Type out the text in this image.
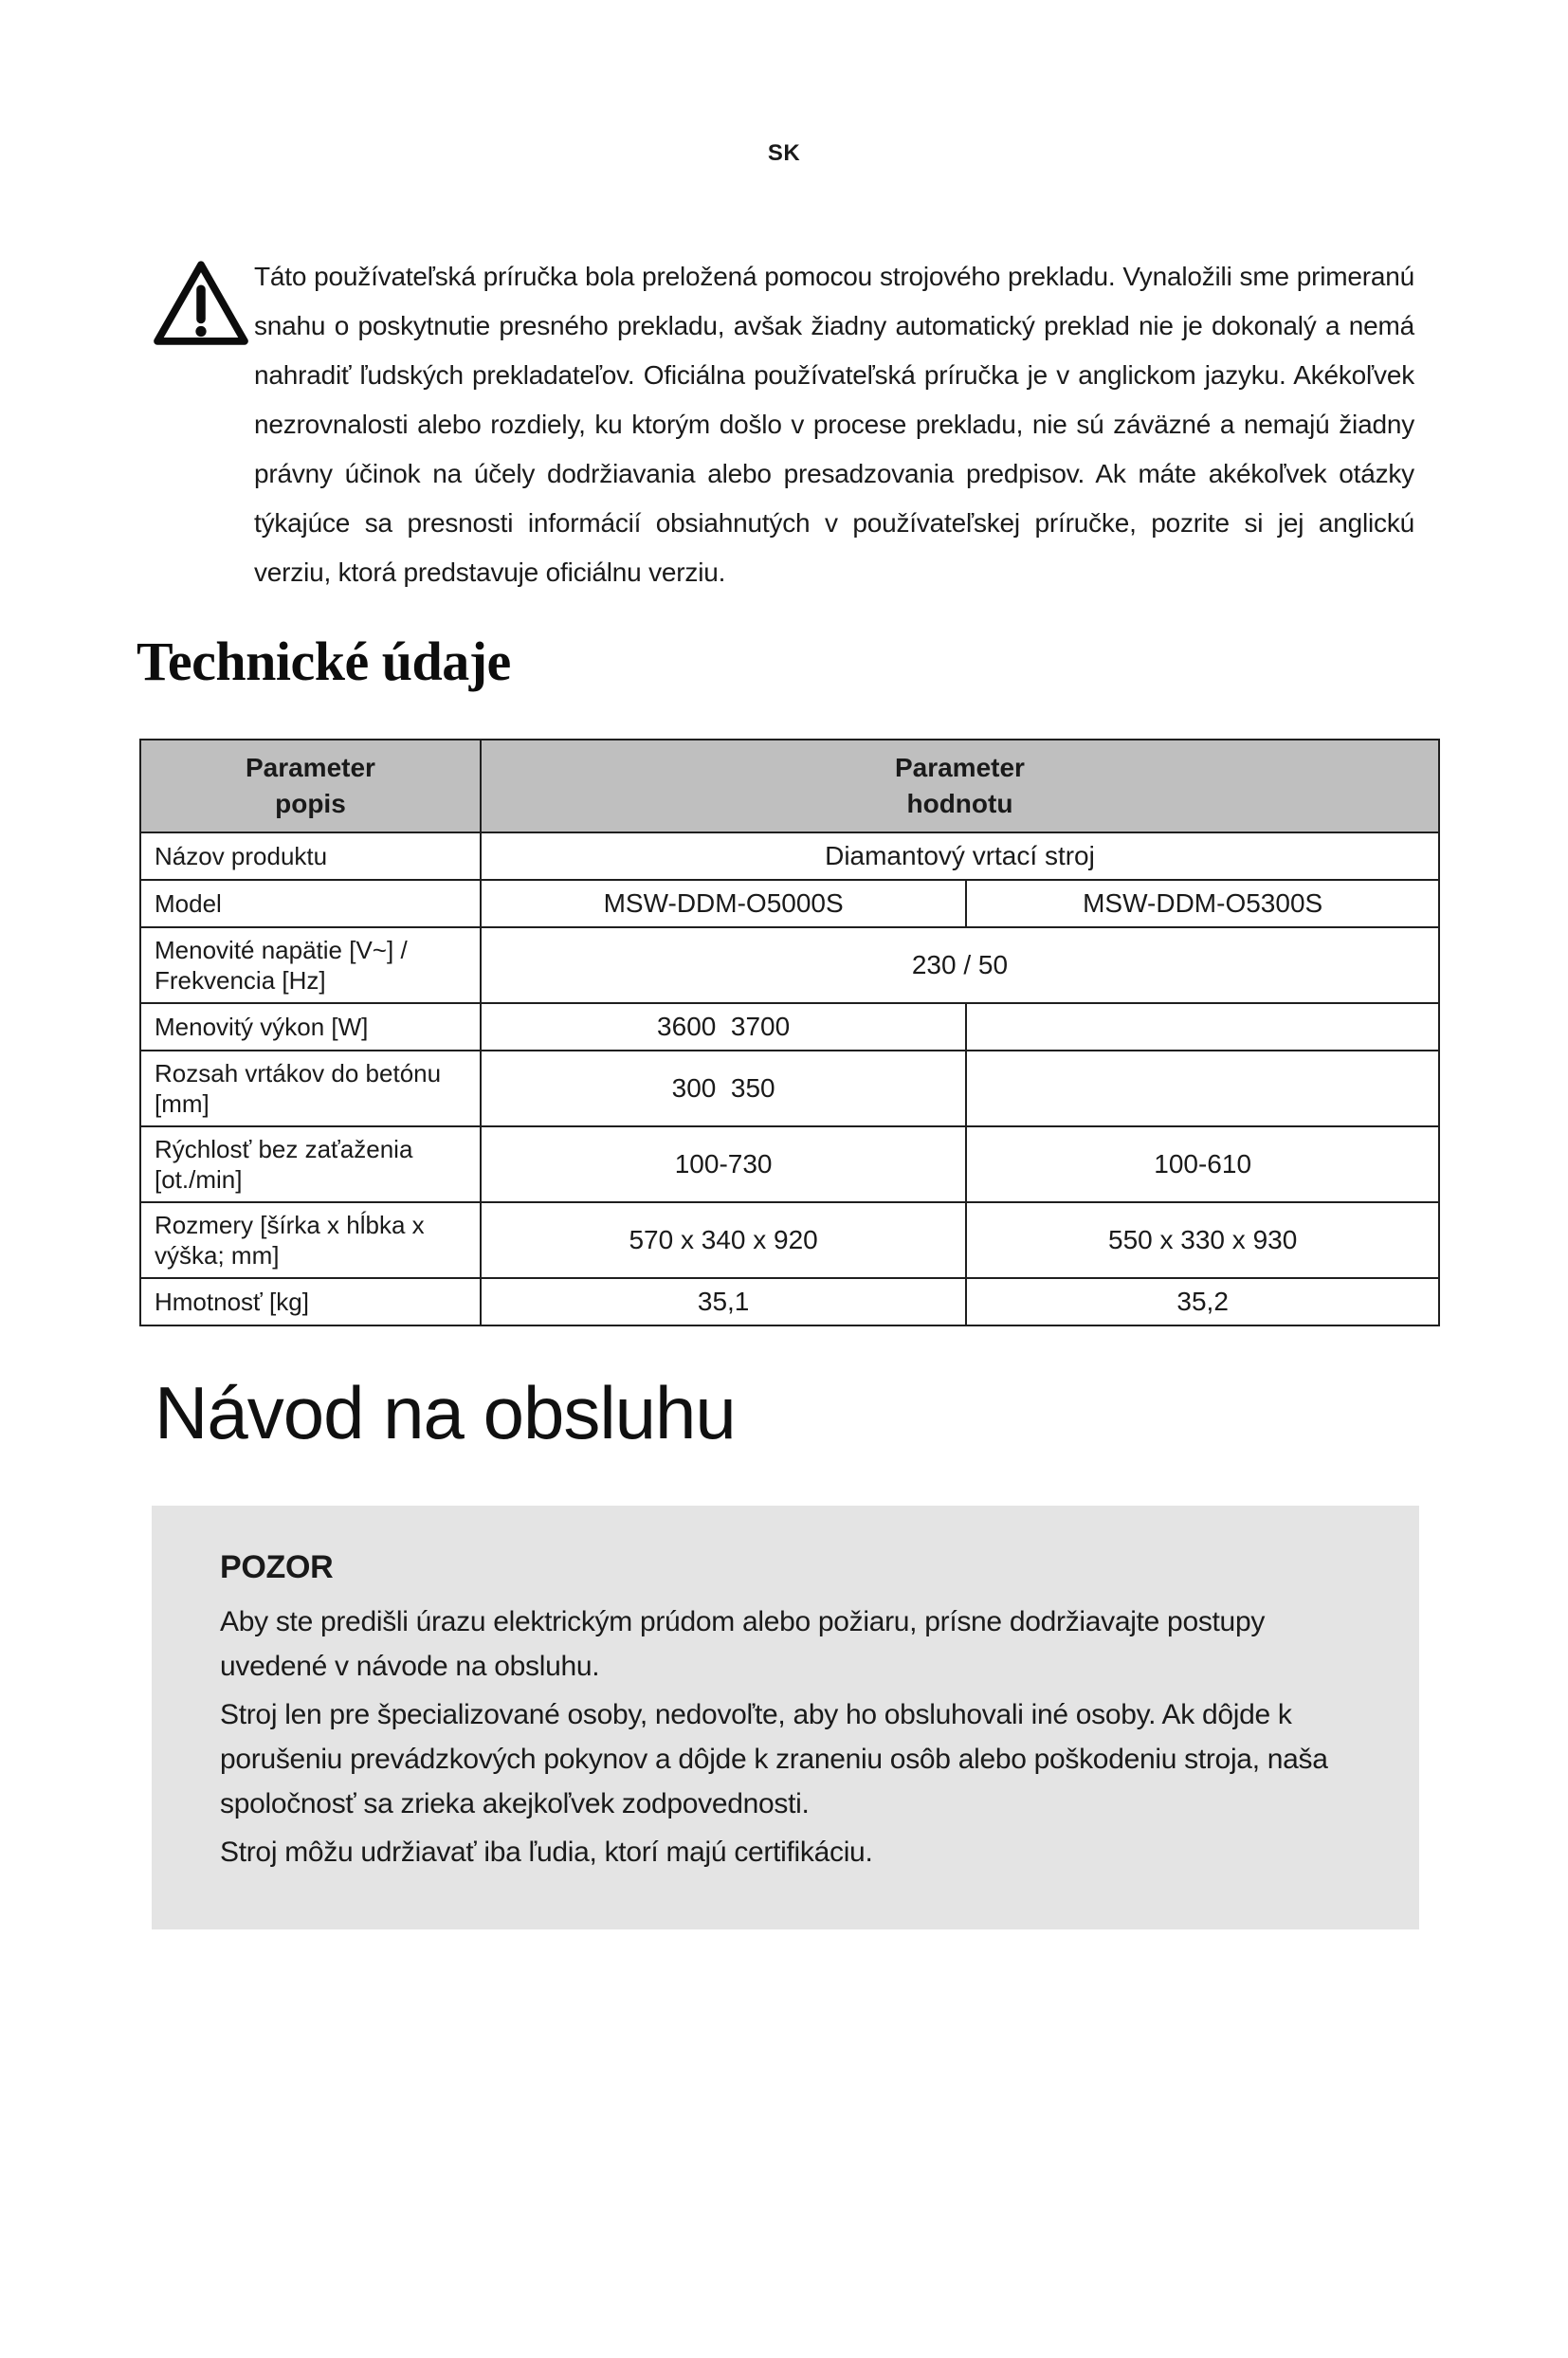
SK

Táto používateľská príručka bola preložená pomocou strojového prekladu. Vynaložili sme primeranú snahu o poskytnutie presného prekladu, avšak žiadny automatický preklad nie je dokonalý a nemá nahradiť ľudských prekladateľov. Oficiálna používateľská príručka je v anglickom jazyku. Akékoľvek nezrovnalosti alebo rozdiely, ku ktorým došlo v procese prekladu, nie sú záväzné a nemajú žiadny právny účinok na účely dodržiavania alebo presadzovania predpisov. Ak máte akékoľvek otázky týkajúce sa presnosti informácií obsiahnutých v používateľskej príručke, pozrite si jej anglickú verziu, ktorá predstavuje oficiálnu verziu.

Technické údaje
Parameter
popis

Parameter
hodnotu

Názov produktu	Diamantový vrtací stroj	
Model	MSW-DDM-O5000S	MSW-DDM-O5300S
Menovité napätie [V~] / Frekvencia [Hz]	230 / 50	
Menovitý výkon [W]	3600  3700	
Rozsah vrtákov do betónu [mm]	300  350	
Rýchlosť bez zaťaženia [ot./min]	100-730	100-610
Rozmery [šírka x hĺbka x výška; mm]	570 x 340 x 920	550 x 330 x 930
Hmotnosť [kg]	35,1	35,2
Návod na obsluhu
POZOR

Aby ste predišli úrazu elektrickým prúdom alebo požiaru, prísne dodržiavajte postupy uvedené v návode na obsluhu.

Stroj len pre špecializované osoby, nedovoľte, aby ho obsluhovali iné osoby. Ak dôjde k porušeniu prevádzkových pokynov a dôjde k zraneniu osôb alebo poškodeniu stroja, naša spoločnosť sa zrieka akejkoľvek zodpovednosti.

Stroj môžu udržiavať iba ľudia, ktorí majú certifikáciu.
